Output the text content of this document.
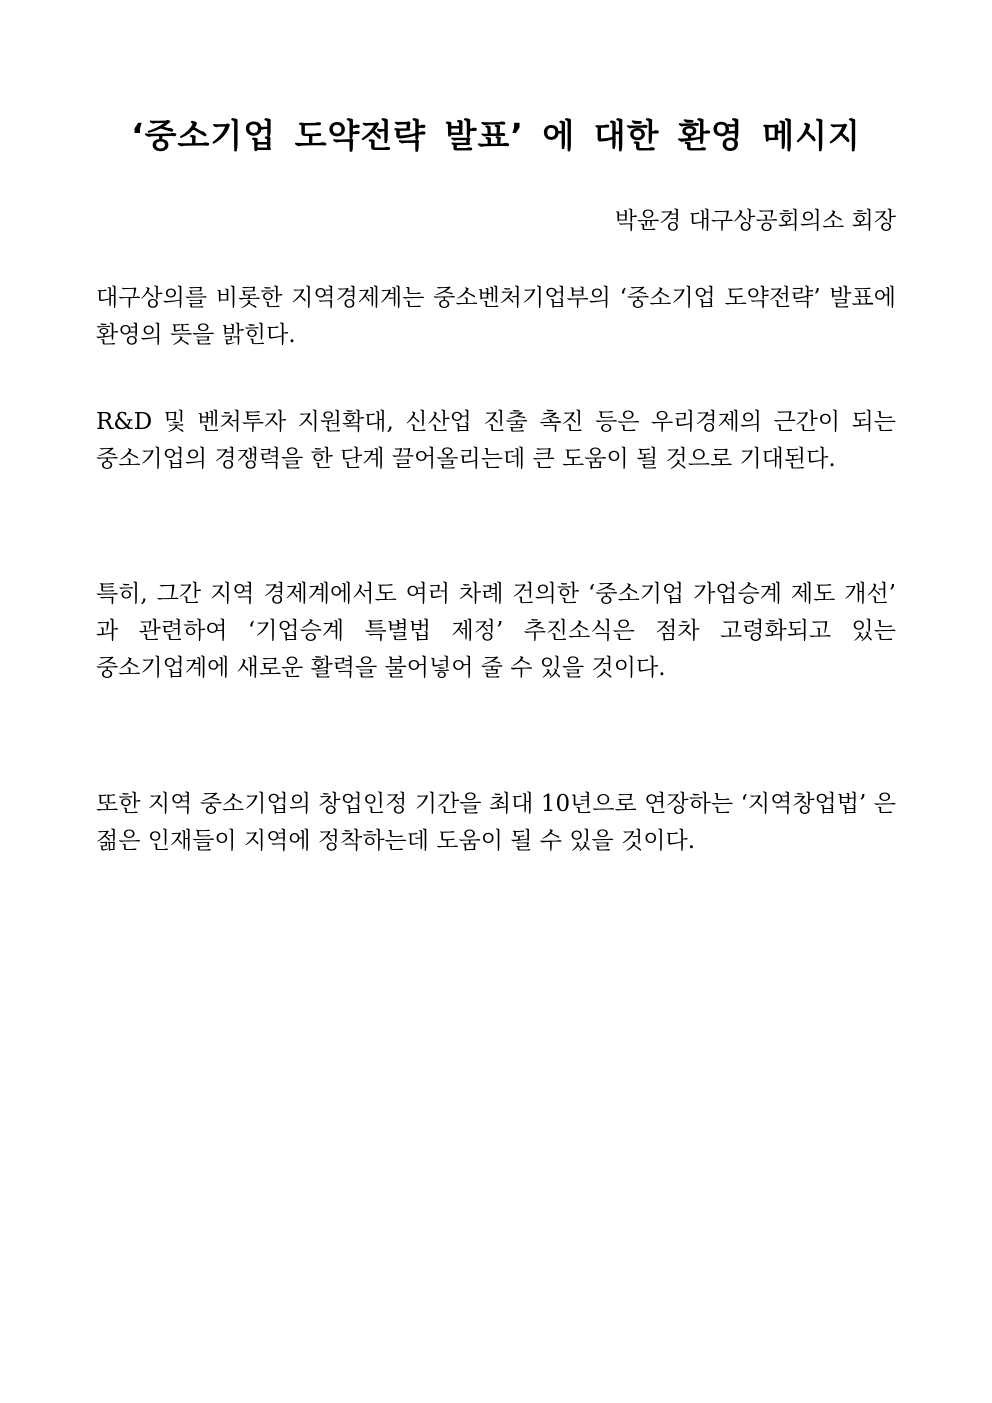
‘중소기업 도약전략 발표’ 에 대한 환영 메시지

박윤경 대구상공회의소 회장

대구상의를 비롯한 지역경제계는 중소벤처기업부의 ‘중소기업 도약전략’ 발표에 환영의 뜻을 밝힌다.

R&D 및 벤처투자 지원확대, 신산업 진출 촉진 등은 우리경제의 근간이 되는 중소기업의 경쟁력을 한 단계 끌어올리는데 큰 도움이 될 것으로 기대된다.

특히, 그간 지역 경제계에서도 여러 차례 건의한 ‘중소기업 가업승계 제도 개선’ 과 관련하여 ‘기업승계 특별법 제정’ 추진소식은 점차 고령화되고 있는 중소기업계에 새로운 활력을 불어넣어 줄 수 있을 것이다.

또한 지역 중소기업의 창업인정 기간을 최대 10년으로 연장하는 ‘지역창업법’ 은 젊은 인재들이 지역에 정착하는데 도움이 될 수 있을 것이다.
